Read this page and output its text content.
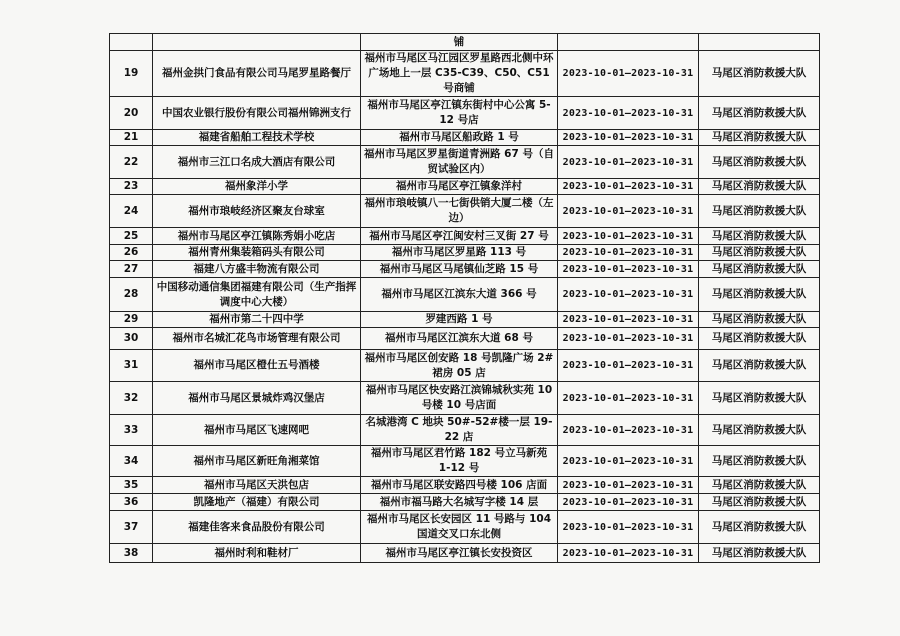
		铺		
19	福州金拱门食品有限公司马尾罗星路餐厅	福州市马尾区马江园区罗星路西北侧中环广场地上一层 C35-C39、C50、C51 号商铺	2023-10-01—2023-10-31	马尾区消防救援大队
20	中国农业银行股份有限公司福州锦洲支行	福州市马尾区亭江镇东街村中心公寓 5-12 号店	2023-10-01—2023-10-31	马尾区消防救援大队
21	福建省船舶工程技术学校	福州市马尾区船政路 1 号	2023-10-01—2023-10-31	马尾区消防救援大队
22	福州市三江口名成大酒店有限公司	福州市马尾区罗星街道青洲路 67 号（自贸试验区内）	2023-10-01—2023-10-31	马尾区消防救援大队
23	福州象洋小学	福州市马尾区亭江镇象洋村	2023-10-01—2023-10-31	马尾区消防救援大队
24	福州市琅岐经济区聚友台球室	福州市琅岐镇八一七街供销大厦二楼（左边）	2023-10-01—2023-10-31	马尾区消防救援大队
25	福州市马尾区亭江镇陈秀娟小吃店	福州市马尾区亭江闽安村三叉街 27 号	2023-10-01—2023-10-31	马尾区消防救援大队
26	福州青州集装箱码头有限公司	福州市马尾区罗星路 113 号	2023-10-01—2023-10-31	马尾区消防救援大队
27	福建八方盛丰物流有限公司	福州市马尾区马尾镇仙芝路 15 号	2023-10-01—2023-10-31	马尾区消防救援大队
28	中国移动通信集团福建有限公司（生产指挥调度中心大楼）	福州市马尾区江滨东大道 366 号	2023-10-01—2023-10-31	马尾区消防救援大队
29	福州市第二十四中学	罗建西路 1 号	2023-10-01—2023-10-31	马尾区消防救援大队
30	福州市名城汇花鸟市场管理有限公司	福州市马尾区江滨东大道 68 号	2023-10-01—2023-10-31	马尾区消防救援大队
31	福州市马尾区橙仕五号酒楼	福州市马尾区创安路 18 号凯隆广场 2# 裙房 05 店	2023-10-01—2023-10-31	马尾区消防救援大队
32	福州市马尾区景城炸鸡汉堡店	福州市马尾区快安路江滨锦城秋实苑 10 号楼 10 号店面	2023-10-01—2023-10-31	马尾区消防救援大队
33	福州市马尾区飞速网吧	名城港湾 C 地块 50#-52#楼一层 19-22 店	2023-10-01—2023-10-31	马尾区消防救援大队
34	福州市马尾区新旺角湘菜馆	福州市马尾区君竹路 182 号立马新苑 1-12 号	2023-10-01—2023-10-31	马尾区消防救援大队
35	福州市马尾区天洪包店	福州市马尾区联安路四号楼 106 店面	2023-10-01—2023-10-31	马尾区消防救援大队
36	凯隆地产（福建）有限公司	福州市福马路大名城写字楼 14 层	2023-10-01—2023-10-31	马尾区消防救援大队
37	福建佳客来食品股份有限公司	福州市马尾区长安园区 11 号路与 104 国道交叉口东北侧	2023-10-01—2023-10-31	马尾区消防救援大队
38	福州时利和鞋材厂	福州市马尾区亭江镇长安投资区	2023-10-01—2023-10-31	马尾区消防救援大队
